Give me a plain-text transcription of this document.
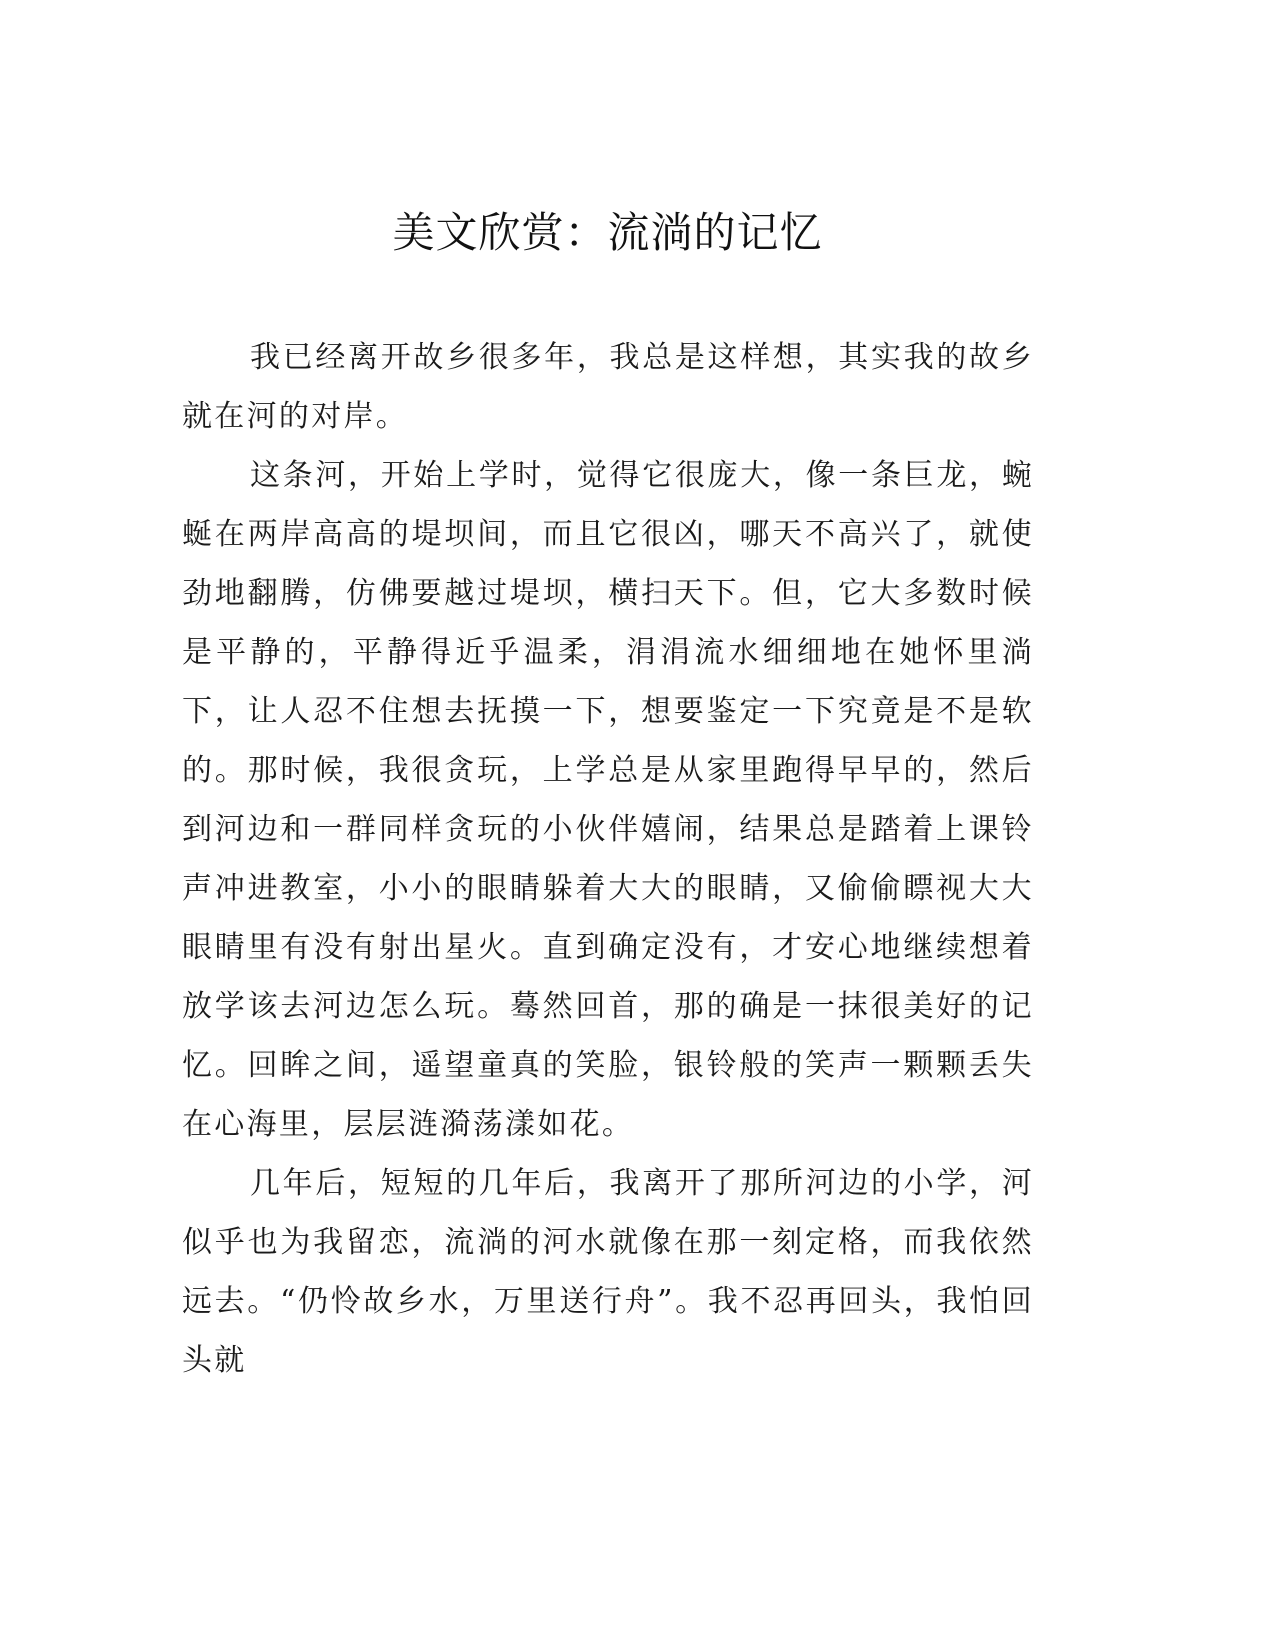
美文欣赏：流淌的记忆

我已经离开故乡很多年，我总是这样想，其实我的故乡就在河的对岸。

这条河，开始上学时，觉得它很庞大，像一条巨龙，蜿蜒在两岸高高的堤坝间，而且它很凶，哪天不高兴了，就使劲地翻腾，仿佛要越过堤坝，横扫天下。但，它大多数时候是平静的，平静得近乎温柔，涓涓流水细细地在她怀里淌下，让人忍不住想去抚摸一下，想要鉴定一下究竟是不是软的。那时候，我很贪玩，上学总是从家里跑得早早的，然后到河边和一群同样贪玩的小伙伴嬉闹，结果总是踏着上课铃声冲进教室，小小的眼睛躲着大大的眼睛，又偷偷瞟视大大眼睛里有没有射出星火。直到确定没有，才安心地继续想着放学该去河边怎么玩。蓦然回首，那的确是一抹很美好的记忆。回眸之间，遥望童真的笑脸，银铃般的笑声一颗颗丢失在心海里，层层涟漪荡漾如花。

几年后，短短的几年后，我离开了那所河边的小学，河似乎也为我留恋，流淌的河水就像在那一刻定格，而我依然远去。“仍怜故乡水，万里送行舟”。我不忍再回头，我怕回头就
